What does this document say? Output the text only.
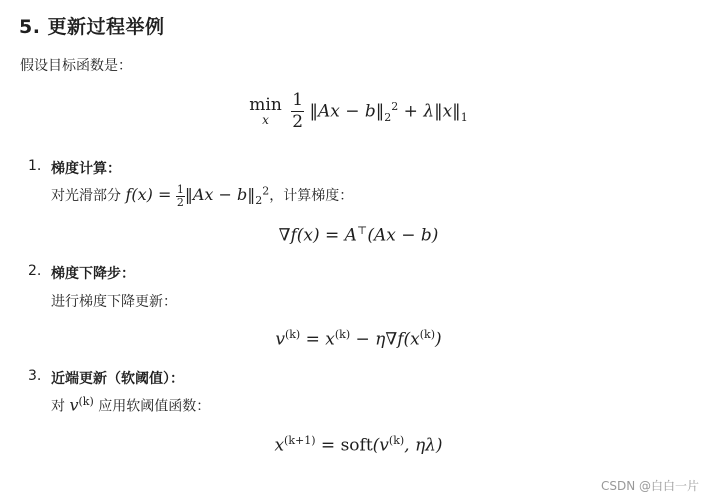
5. 更新过程举例
假设目标函数是：
min
x
	$\frac{1}{2}$ ‖Ax − $b‖_2^2$ + $\lambda‖x‖_1$
1. 梯度计算：
对光滑部分 $f(x) = \frac{1}{2}‖Ax$ − $b‖_2^2$，计算梯度：
∇f(x) = A⊤(Ax − b)
2. 梯度下降步：
进行梯度下降更新：
$v^{(k)} = x^{(k)} - \eta\nabla f(x^{(k)})$
3. 近端更新（软阈值）：
对 $v^{(k)}$ 应用软阈值函数：
$x^{(k+1)}$ = $soft(v^{(k)}$, ηλ)
CSDN @白白一片
